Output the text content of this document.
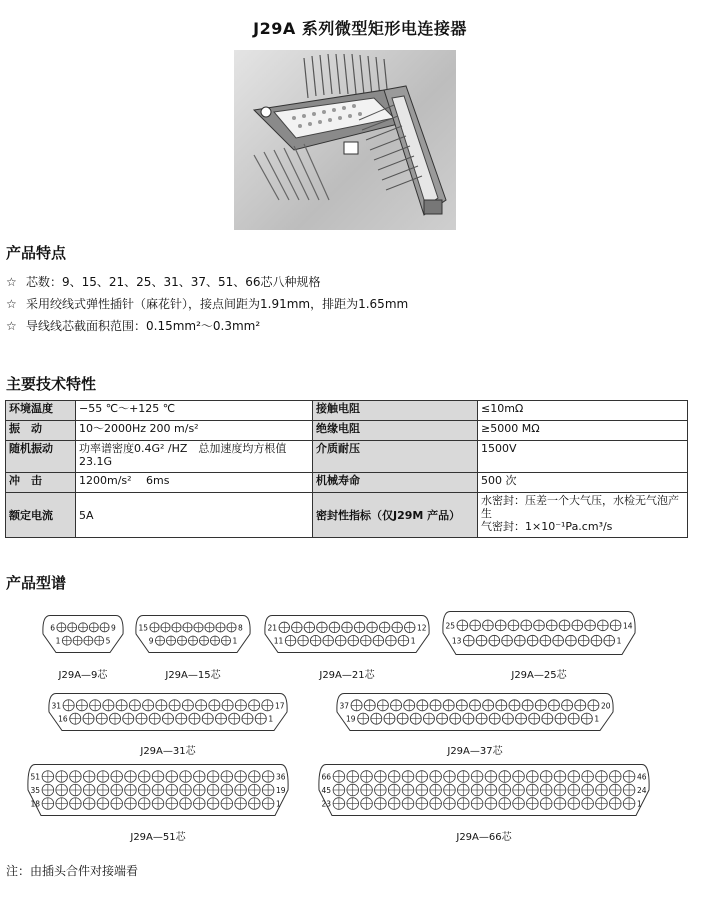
J29A 系列微型矩形电连接器
产品特点
☆ 芯数：9、15、21、25、31、37、51、66芯八种规格
☆ 采用绞线式弹性插针（麻花针），接点间距为1.91mm，排距为1.65mm
☆ 导线线芯截面积范围：0.15mm²～0.3mm²
主要技术特性
环境温度	−55 ℃～+125 ℃	接触电阻	≤10mΩ
振　动	10～2000Hz 200 m/s²	绝缘电阻	≥5000 MΩ
随机振动	功率谱密度0.4G² /HZ　总加速度均方根值23.1G	介质耐压	1500V
冲　击	1200m/s²　 6ms	机械寿命	500 次
额定电流	5A	密封性指标（仅J29M 产品）	水密封：压差一个大气压，水检无气泡产生
气密封：1×10⁻¹Pa.cm³/s
产品型谱
6	9
1	5
J29A—9芯
15	8
9	1
J29A—15芯
21	12
11	1
J29A—21芯
25	14
13	1
J29A—25芯
31	17
16	1
J29A—31芯
37	20
19	1
J29A—37芯
51	36
35	19
18	1
J29A—51芯
66	46
45	24
23	1
J29A—66芯
注：由插头合件对接端看
